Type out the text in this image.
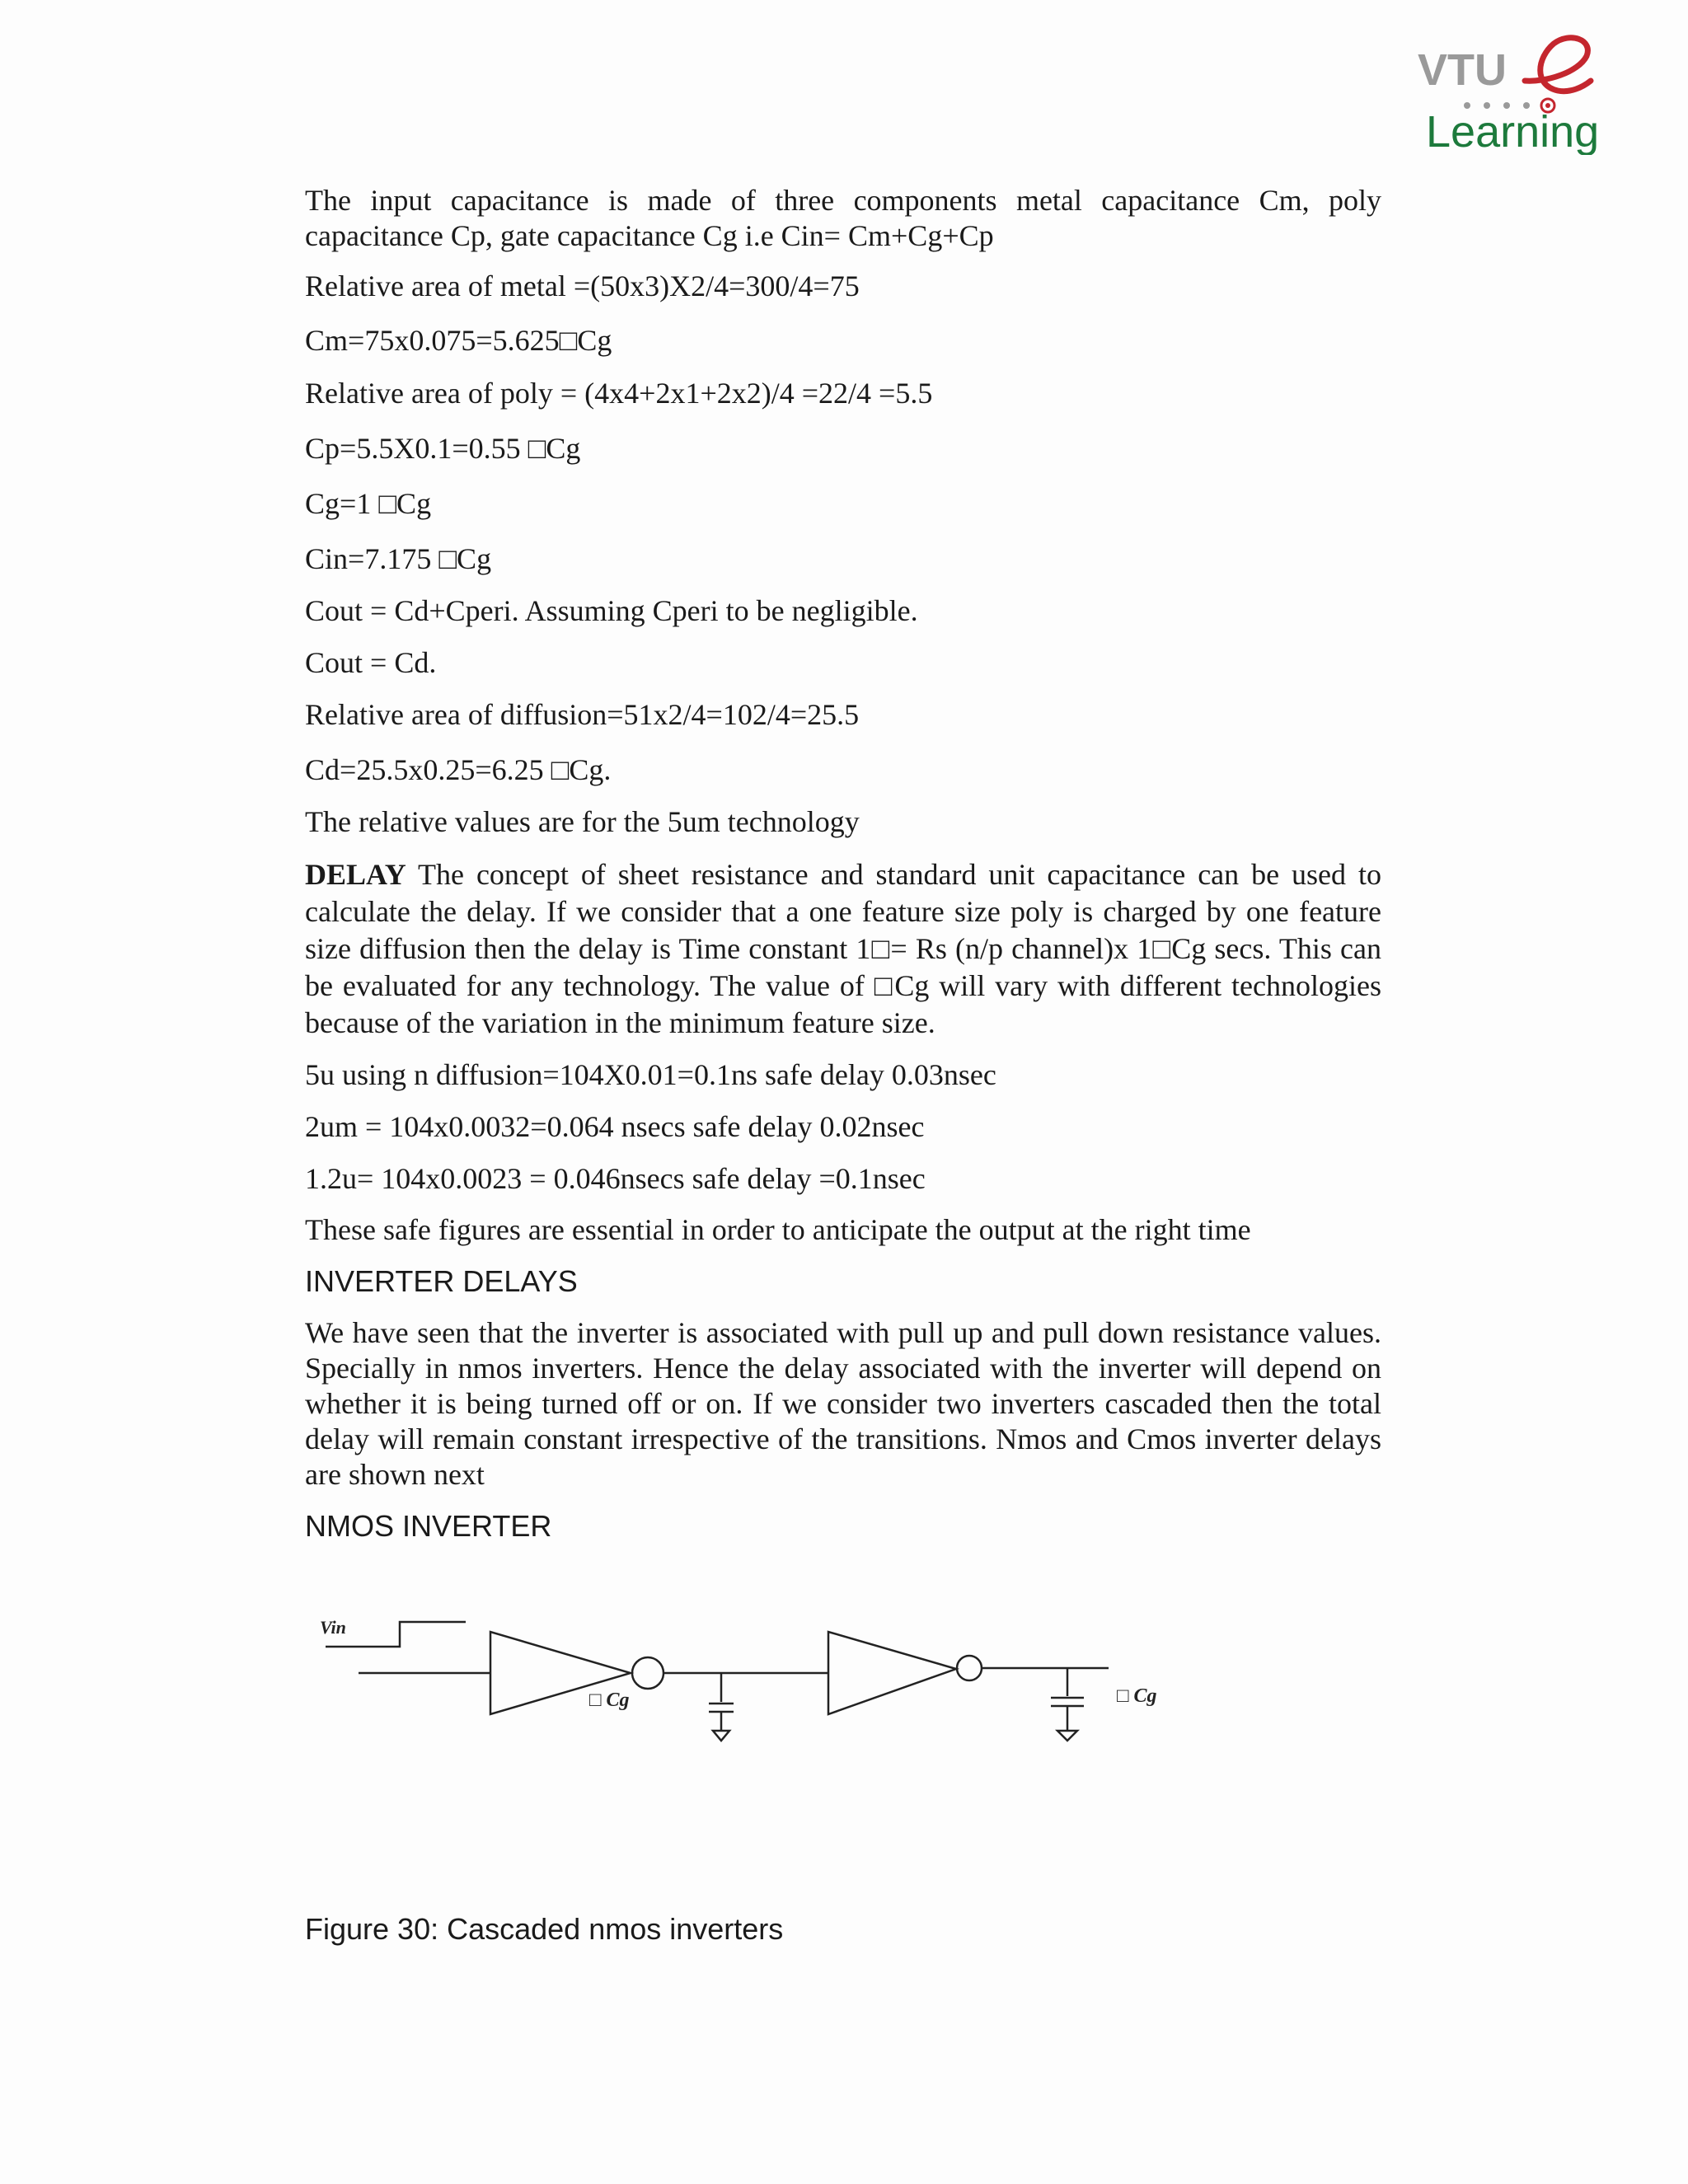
VTU
Learning

The input capacitance is made of three components metal capacitance Cm, poly capacitance Cp, gate capacitance Cg i.e Cin= Cm+Cg+Cp

Relative area of metal =(50x3)X2/4=300/4=75

Cm=75x0.075=5.625□Cg

Relative area of poly = (4x4+2x1+2x2)/4 =22/4 =5.5

Cp=5.5X0.1=0.55 □Cg

Cg=1 □Cg

Cin=7.175 □Cg

Cout = Cd+Cperi. Assuming Cperi to be negligible.

Cout = Cd.

Relative area of diffusion=51x2/4=102/4=25.5

Cd=25.5x0.25=6.25 □Cg.

The relative values are for the 5um technology

DELAY The concept of sheet resistance and standard unit capacitance can be used to calculate the delay. If we consider that a one feature size poly is charged by one feature size diffusion then the delay is Time constant 1□= Rs (n/p channel)x 1□Cg secs. This can be evaluated for any technology. The value of □Cg will vary with different technologies because of the variation in the minimum feature size.

5u using n diffusion=104X0.01=0.1ns safe delay 0.03nsec

2um = 104x0.0032=0.064 nsecs safe delay 0.02nsec

1.2u= 104x0.0023 = 0.046nsecs safe delay =0.1nsec

These safe figures are essential in order to anticipate the output at the right time

INVERTER DELAYS

We have seen that the inverter is associated with pull up and pull down resistance values. Specially in nmos inverters. Hence the delay associated with the inverter will depend on whether it is being turned off or on. If we consider two inverters cascaded then the total delay will remain constant irrespective of the transitions. Nmos and Cmos inverter delays are shown next

NMOS INVERTER

Vin
□ Cg	□ Cg
Figure 30: Cascaded nmos inverters
